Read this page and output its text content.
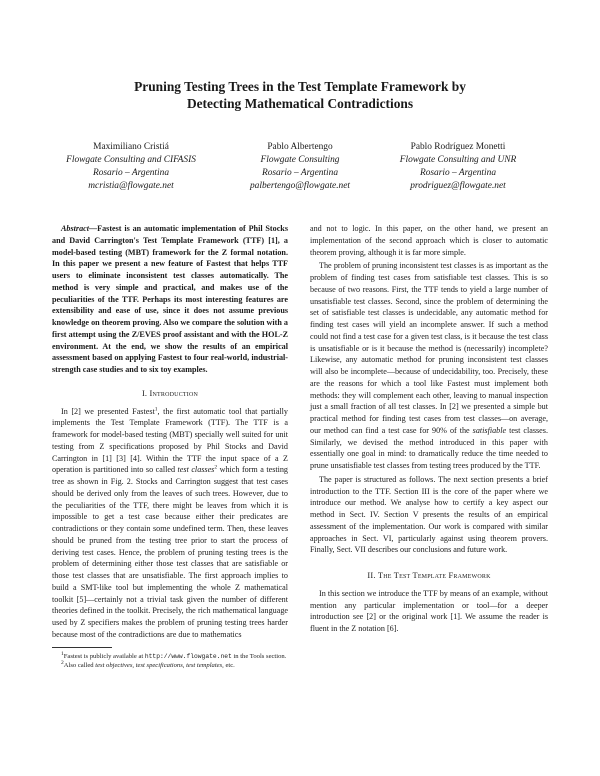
Pruning Testing Trees in the Test Template Framework by
Detecting Mathematical Contradictions
Maximiliano Cristiá
Flowgate Consulting and CIFASIS
Rosario – Argentina
mcristia@flowgate.net
Pablo Albertengo
Flowgate Consulting
Rosario – Argentina
palbertengo@flowgate.net
Pablo Rodríguez Monetti
Flowgate Consulting and UNR
Rosario – Argentina
prodriguez@flowgate.net

Abstract—Fastest is an automatic implementation of Phil Stocks and David Carrington's Test Template Framework (TTF) [1], a model-based testing (MBT) framework for the Z formal notation. In this paper we present a new feature of Fastest that helps TTF users to eliminate inconsistent test classes automatically. The method is very simple and practical, and makes use of the peculiarities of the TTF. Perhaps its most interesting features are extensibility and ease of use, since it does not assume previous knowledge on theorem proving. Also we compare the solution with a first attempt using the Z/EVES proof assistant and with the HOL-Z environment. At the end, we show the results of an empirical assessment based on applying Fastest to four real-world, industrial-strength case studies and to six toy examples.

I. Introduction

In [2] we presented Fastest$^1$, the first automatic tool that partially implements the Test Template Framework (TTF). The TTF is a framework for model-based testing (MBT) specially well suited for unit testing from Z specifications proposed by Phil Stocks and David Carrington in [1] [3] [4]. Within the TTF the input space of a Z operation is partitioned into so called test classes$^2$ which form a testing tree as shown in Fig. 2. Stocks and Carrington suggest that test cases should be derived only from the leaves of such trees. However, due to the peculiarities of the TTF, there might be leaves from which it is impossible to get a test case because either their predicates are contradictions or they contain some undefined term. Then, these leaves should be pruned from the testing tree prior to start the process of deriving test cases. Hence, the problem of pruning testing trees is the problem of determining either those test classes that are satisfiable or those test classes that are unsatisfiable. The first approach implies to build a SMT-like tool but implementing the whole Z mathematical toolkit [5]—certainly not a trivial task given the number of different theories defined in the toolkit. Precisely, the rich mathematical language used by Z specifiers makes the problem of pruning testing trees harder because most of the contradictions are due to mathematics

$^1$Fastest is publicly available at http://www.flowgate.net in the Tools section.

$^2$Also called test objectives, test specifications, test templates, etc.

and not to logic. In this paper, on the other hand, we present an implementation of the second approach which is closer to automatic theorem proving, although it is far more simple.

The problem of pruning inconsistent test classes is as important as the problem of finding test cases from satisfiable test classes. This is so because of two reasons. First, the TTF tends to yield a large number of unsatisfiable test classes. Second, since the problem of determining the set of satisfiable test classes is undecidable, any automatic method for finding test cases will yield an incomplete answer. If such a method could not find a test case for a given test class, is it because the test class is unsatisfiable or is it because the method is (necessarily) incomplete? Likewise, any automatic method for pruning inconsistent test classes will also be incomplete—because of undecidability, too. Precisely, these are the reasons for which a tool like Fastest must implement both methods: they will complement each other, leaving to manual inspection just a small fraction of all test classes. In [2] we presented a simple but practical method for finding test cases from test classes—on average, our method can find a test case for 90% of the satisfiable test classes. Similarly, we devised the method introduced in this paper with essentially one goal in mind: to dramatically reduce the time needed to prune unsatisfiable test classes from testing trees produced by the TTF.

The paper is structured as follows. The next section presents a brief introduction to the TTF. Section III is the core of the paper where we introduce our method. We analyse how to certify a key aspect our method in Sect. IV. Section V presents the results of an empirical assessment of the implementation. Our work is compared with similar approaches in Sect. VI, particularly against using theorem provers. Finally, Sect. VII describes our conclusions and future work.

II. The Test Template Framework

In this section we introduce the TTF by means of an example, without mention any particular implementation or tool—for a deeper introduction see [2] or the original work [1]. We assume the reader is fluent in the Z notation [6].
